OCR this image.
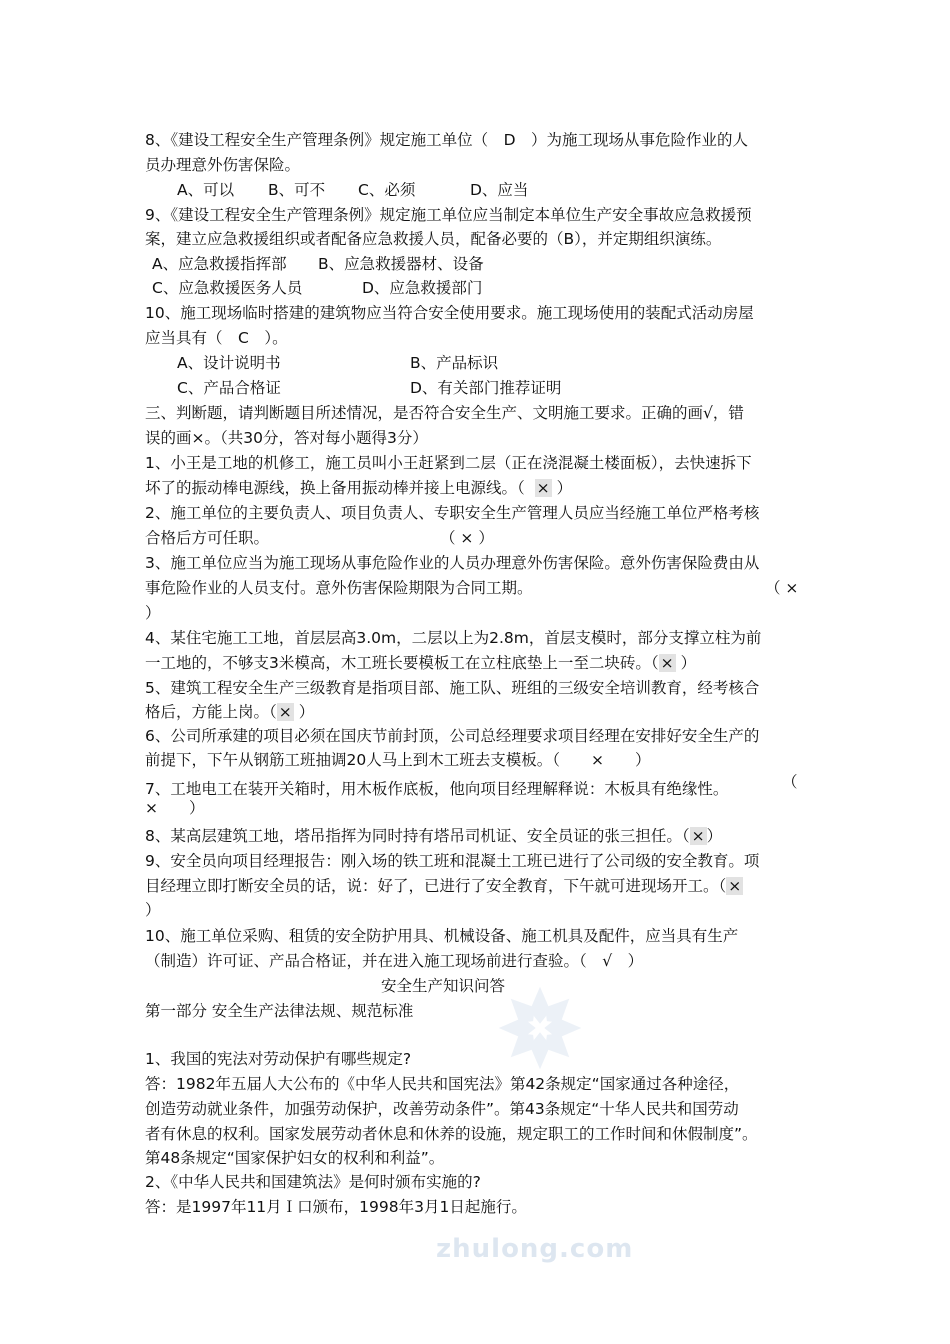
zhulong.com
8、《建设工程安全生产管理条例》规定施工单位（　D　）为施工现场从事危险作业的人
员办理意外伤害保险。
A、可以 B、可不 C、必须	D、应当
9、《建设工程安全生产管理条例》规定施工单位应当制定本单位生产安全事故应急救援预
案，建立应急救援组织或者配备应急救援人员，配备必要的（B），并定期组织演练。
A、应急救援指挥部 B、应急救援器材、设备
C、应急救援医务人员	D、应急救援部门
10、施工现场临时搭建的建筑物应当符合安全使用要求。施工现场使用的装配式活动房屋
应当具有（　C　）。
A、设计说明书	B、产品标识
C、产品合格证	D、有关部门推荐证明
三、判断题，请判断题目所述情况，是否符合安全生产、文明施工要求。正确的画√，错
误的画×。（共30分，答对每小题得3分）
1、小王是工地的机修工，施工员叫小王赶紧到二层（正在浇混凝土楼面板），去快速拆下
坏了的振动棒电源线，换上备用振动棒并接上电源线。（ × ）
2、施工单位的主要负责人、项目负责人、专职安全生产管理人员应当经施工单位严格考核
合格后方可任职。	（ × ）
3、施工单位应当为施工现场从事危险作业的人员办理意外伤害保险。意外伤害保险费由从
事危险作业的人员支付。意外伤害保险期限为合同工期。	（ ×
）
4、某住宅施工工地，首层层高3.0m，二层以上为2.8m，首层支模时，部分支撑立柱为前
一工地的，不够支3米模高，木工班长要模板工在立柱底垫上一至二块砖。（ × ）
5、建筑工程安全生产三级教育是指项目部、施工队、班组的三级安全培训教育，经考核合
格后，方能上岗。（ × ）
6、公司所承建的项目必须在国庆节前封顶，公司总经理要求项目经理在安排好安全生产的
前提下，下午从钢筋工班抽调20人马上到木工班去支模板。（　　×　　）
7、工地电工在装开关箱时，用木板作底板，他向项目经理解释说：木板具有绝缘性。	（
×　　）
8、某高层建筑工地，塔吊指挥为同时持有塔吊司机证、安全员证的张三担任。（ × ）
9、安全员向项目经理报告：刚入场的铁工班和混凝土工班已进行了公司级的安全教育。项
目经理立即打断安全员的话，说：好了，已进行了安全教育，下午就可进现场开工。（ ×
）
10、施工单位采购、租赁的安全防护用具、机械设备、施工机具及配件，应当具有生产
（制造）许可证、产品合格证，并在进入施工现场前进行查验。（　√　）
安全生产知识问答
第一部分 安全生产法律法规、规范标准
1、我国的宪法对劳动保护有哪些规定?
答：1982年五届人大公布的《中华人民共和国宪法》第42条规定“国家通过各种途径，
创造劳动就业条件，加强劳动保护，改善劳动条件”。第43条规定“十华人民共和国劳动
者有休息的权利。国家发展劳动者休息和休养的设施，规定职工的工作时间和休假制度”。
第48条规定“国家保护妇女的权利和利益”。
2、《中华人民共和国建筑法》是何时颁布实施的?
答：是1997年11月Ｉ口颁布，1998年3月1日起施行。
